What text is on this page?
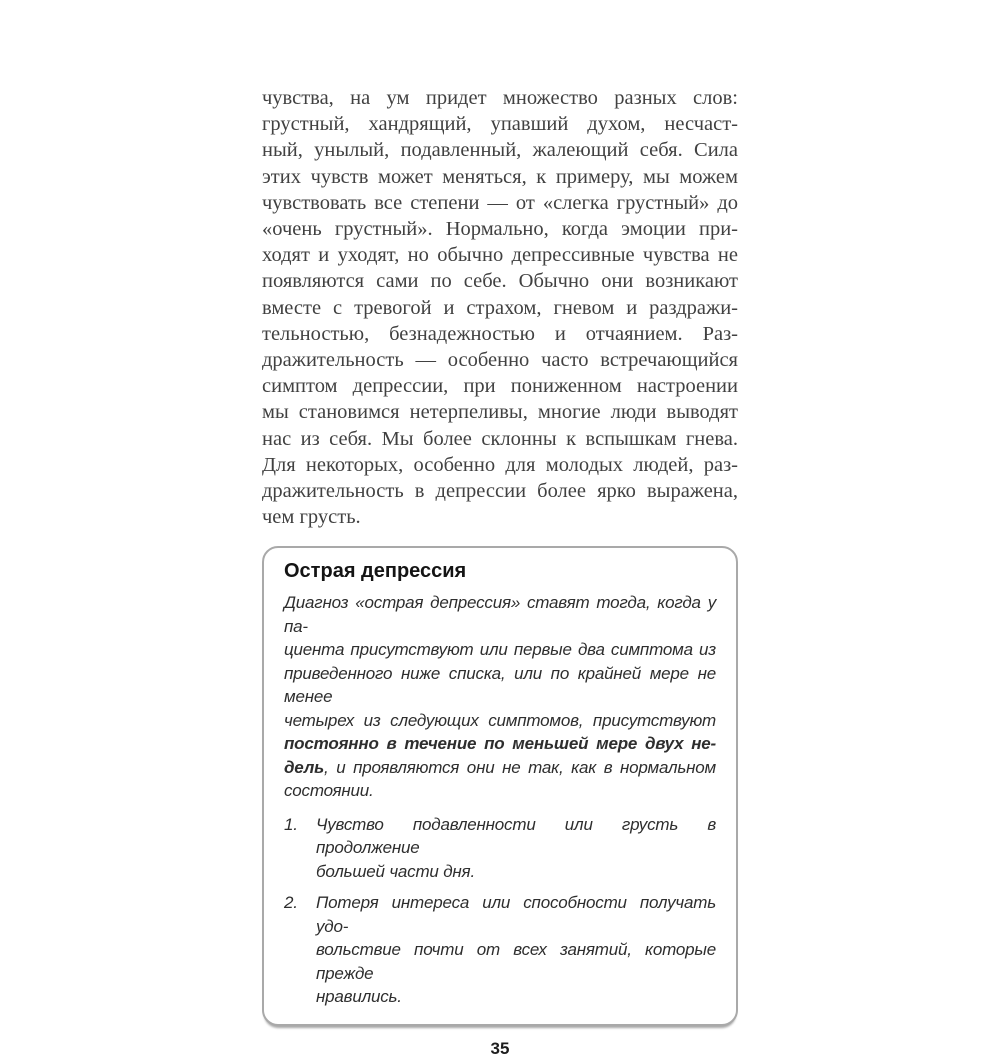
чувства, на ум придет множество разных слов:
грустный, хандрящий, упавший духом, несчаст-
ный, унылый, подавленный, жалеющий себя. Сила
этих чувств может меняться, к примеру, мы можем
чувствовать все степени — от «слегка грустный» до
«очень грустный». Нормально, когда эмоции при-
ходят и уходят, но обычно депрессивные чувства не
появляются сами по себе. Обычно они возникают
вместе с тревогой и страхом, гневом и раздражи-
тельностью, безнадежностью и отчаянием. Раз-
дражительность — особенно часто встречающийся
симптом депрессии, при пониженном настроении
мы становимся нетерпеливы, многие люди выводят
нас из себя. Мы более склонны к вспышкам гнева.
Для некоторых, особенно для молодых людей, раз-
дражительность в депрессии более ярко выражена,
чем грусть.
Острая депрессия
Диагноз «острая депрессия» ставят тогда, когда у па-
циента присутствуют или первые два симптома из
приведенного ниже списка, или по крайней мере не менее
четырех из следующих симптомов, присутствуют
постоянно в течение по меньшей мере двух не-
дель, и проявляются они не так, как в нормальном
состоянии.
1.	Чувство подавленности или грусть в продолжение
большей части дня.
2.	Потеря интереса или способности получать удо-
вольствие почти от всех занятий, которые прежде
нравились.
35
